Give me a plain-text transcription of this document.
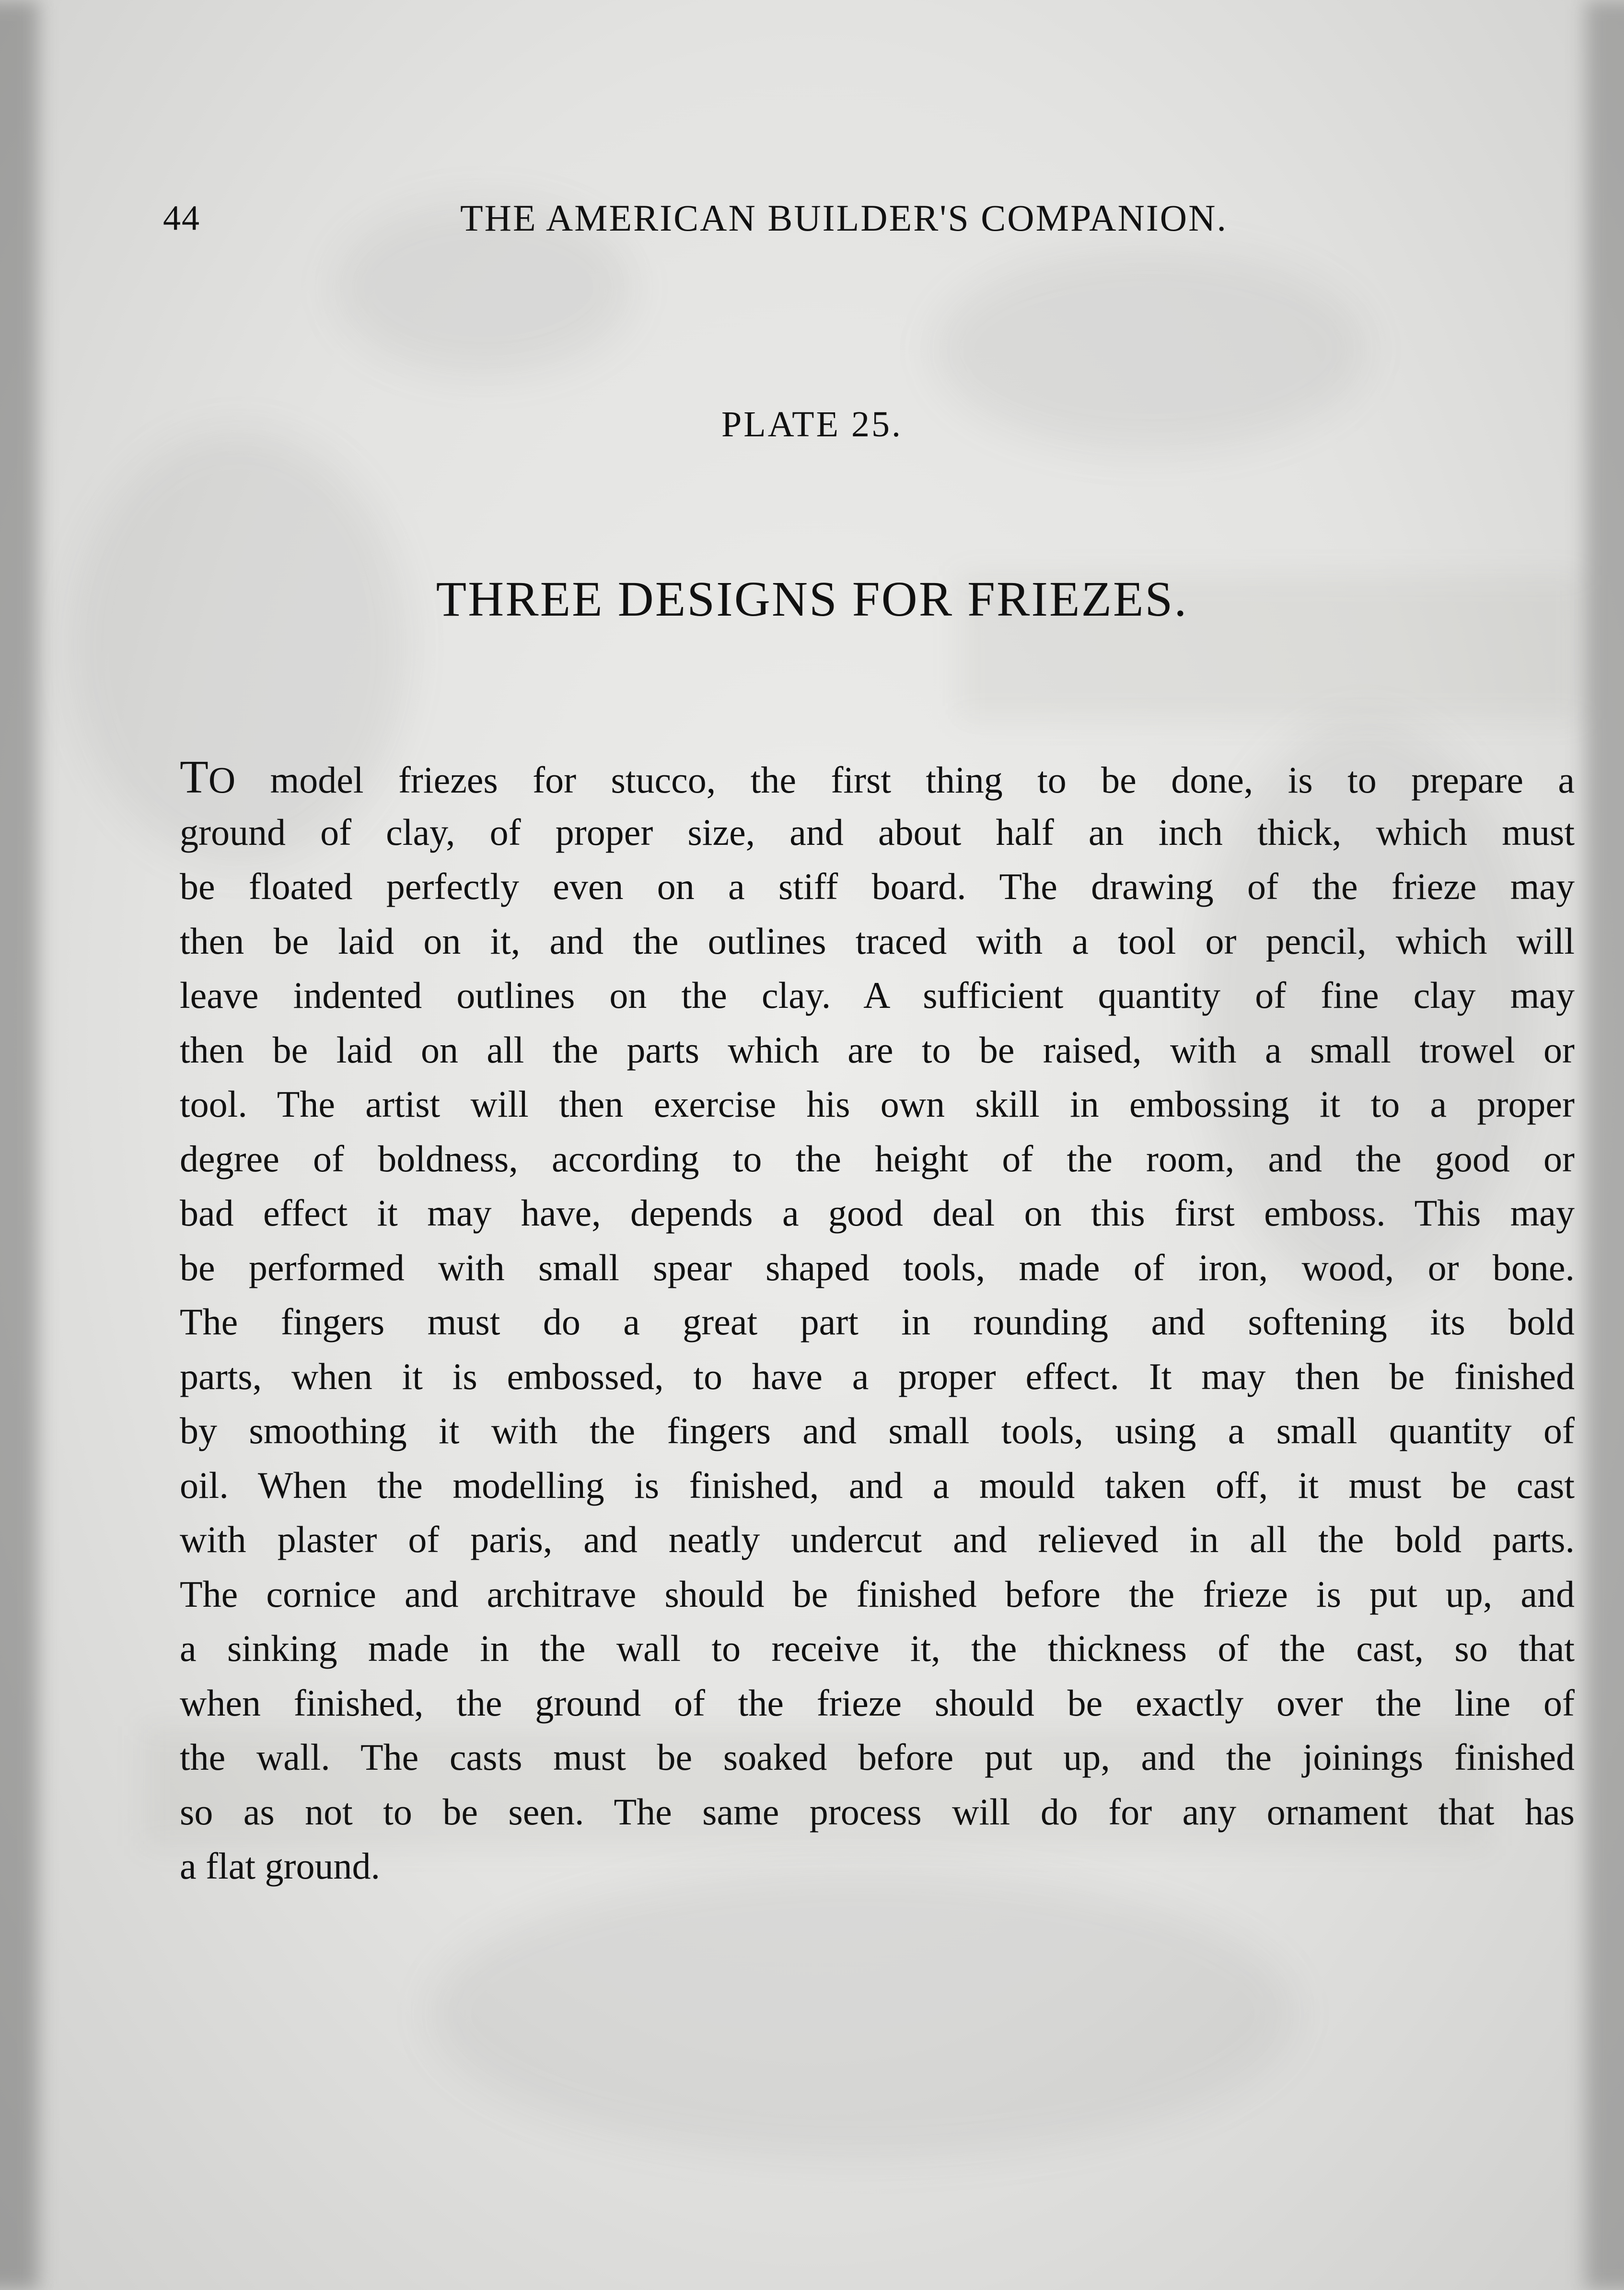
44	THE AMERICAN BUILDER'S COMPANION.
PLATE 25.
THREE DESIGNS FOR FRIEZES.
TO model friezes for stucco, the first thing to be done, is to prepare a
ground of clay, of proper size, and about half an inch thick, which must
be floated perfectly even on a stiff board. The drawing of the frieze may
then be laid on it, and the outlines traced with a tool or pencil, which will
leave indented outlines on the clay. A sufficient quantity of fine clay may
then be laid on all the parts which are to be raised, with a small trowel or
tool. The artist will then exercise his own skill in embossing it to a proper
degree of boldness, according to the height of the room, and the good or
bad effect it may have, depends a good deal on this first emboss. This may
be performed with small spear shaped tools, made of iron, wood, or bone.
The fingers must do a great part in rounding and softening its bold
parts, when it is embossed, to have a proper effect. It may then be finished
by smoothing it with the fingers and small tools, using a small quantity of
oil. When the modelling is finished, and a mould taken off, it must be cast
with plaster of paris, and neatly undercut and relieved in all the bold parts.
The cornice and architrave should be finished before the frieze is put up, and
a sinking made in the wall to receive it, the thickness of the cast, so that
when finished, the ground of the frieze should be exactly over the line of
the wall. The casts must be soaked before put up, and the joinings finished
so as not to be seen. The same process will do for any ornament that has
a flat ground.
